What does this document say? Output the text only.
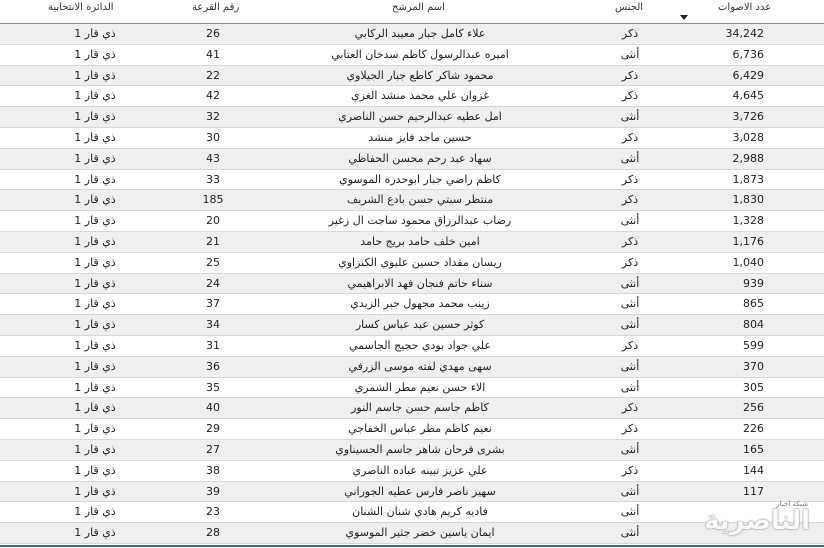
عدد الاصوات
الجنس
اسم المرشح
رقم القرعة
الدائرة الانتخابية
34,242
ذكر
علاء كامل جبار معيبد الركابي
26
ذي قار 1
6,736
أنثى
اميره عبدالرسول كاظم سدخان العتابي
41
ذي قار 1
6,429
ذكر
محمود شاكر كاطع جبار الجيلاوي
22
ذي قار 1
4,645
ذكر
غزوان علي محمد منشد الغزي
42
ذي قار 1
3,726
أنثى
امل عطيه عبدالرحيم حسن الناصري
32
ذي قار 1
3,028
ذكر
حسين ماجد فايز منشد
30
ذي قار 1
2,988
أنثى
سهاد عبد رحم محسن الحفاظي
43
ذي قار 1
1,873
ذكر
كاظم راضي جبار ابوحدره الموسوي
33
ذي قار 1
1,830
ذكر
منتظر سبتي حسن بادع الشريف
185
ذي قار 1
1,328
أنثى
رضاب عبدالرزاق محمود ساجت ال زغير
20
ذي قار 1
1,176
ذكر
امين خلف حامد بريج حامد
21
ذي قار 1
1,040
ذكر
ريسان مقداد حسين عليوي الكنزاوي
25
ذي قار 1
939
أنثى
سناء حاتم فنجان فهد الابراهيمي
24
ذي قار 1
865
أنثى
زينب محمد مجهول جبر الزيدي
37
ذي قار 1
804
أنثى
كوثر حسين عبد عباس كسار
34
ذي قار 1
599
ذكر
علي جواد بودي حجيج الجاسمي
31
ذي قار 1
370
أنثى
سهى مهدي لفته موسى الزرفي
36
ذي قار 1
305
أنثى
الاء حسن نعيم مطر الشمري
35
ذي قار 1
256
ذكر
كاظم جاسم حسن جاسم النور
40
ذي قار 1
226
ذكر
نعيم كاظم مطر عباس الخفاجي
29
ذي قار 1
165
أنثى
بشرى فرحان شاهر جاسم الحسيناوي
27
ذي قار 1
144
ذكر
علي عزيز تبينه عباده الناصري
38
ذي قار 1
117
أنثى
سهير ناصر فارس عطيه الجوراني
39
ذي قار 1
أنثى
فاديه كريم هادي شنان الشنان
23
ذي قار 1
أنثى
ايمان ياسين خضر جثير الموسوي
28
ذي قار 1
شبكة اخبار
الناصرية
